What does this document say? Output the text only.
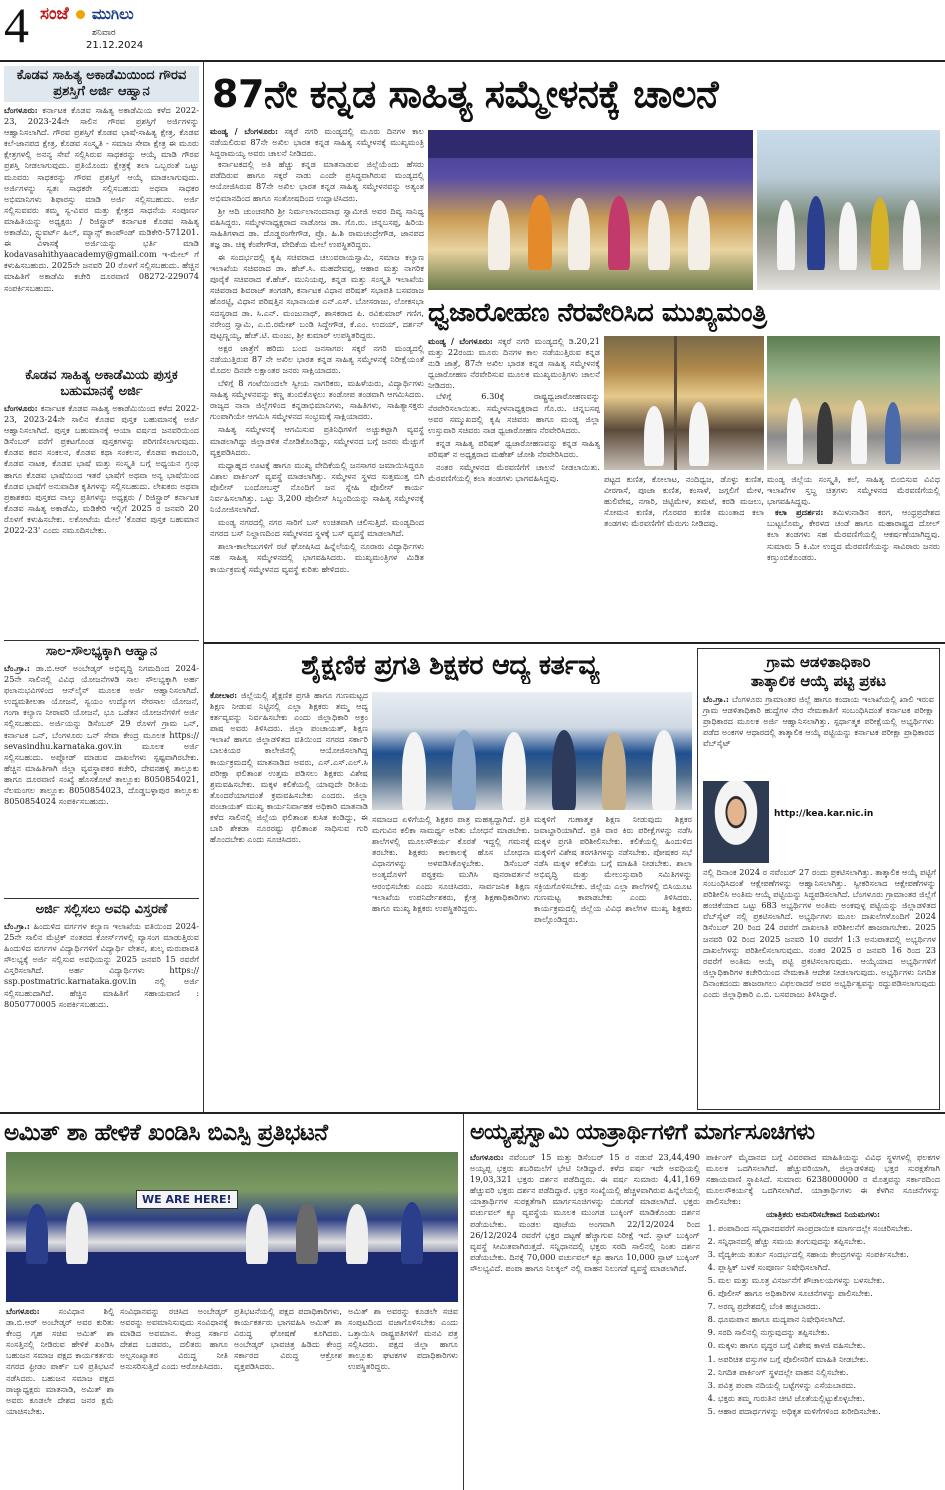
4 ಸಂಜೆ ಮುಗಿಲು
ಶನಿವಾರ
21.12.2024
ಕೊಡವ ಸಾಹಿತ್ಯ ಅಕಾಡೆಮಿಯಿಂದ ಗೌರವ ಪ್ರಶಸ್ತಿಗೆ ಅರ್ಜಿ ಆಹ್ವಾನ
ಬೆಂಗಳೂರು: ಕರ್ನಾಟಕ ಕೊಡವ ಸಾಹಿತ್ಯ ಅಕಾಡೆಮಿಯ ಕಳೆದ 2022-23, 2023-24ನೇ ಸಾಲಿನ ಗೌರವ ಪ್ರಶಸ್ತಿಗೆ ಅರ್ಜಿಗಳನ್ನು ಆಹ್ವಾನಿಸಲಾಗಿದೆ. ಗೌರವ ಪ್ರಶಸ್ತಿಗೆ ಕೊಡವ ಭಾಷೆ-ಸಾಹಿತ್ಯ ಕ್ಷೇತ್ರ, ಕೊಡವ ಕಲೆ-ಜಾನಪದ ಕ್ಷೇತ್ರ, ಕೊಡವ ಸಂಸ್ಕೃತಿ - ಸಮಾಜ ಸೇವಾ ಕ್ಷೇತ್ರ ಈ ಮೂರು ಕ್ಷೇತ್ರಗಳಲ್ಲಿ ಅನನ್ಯ ಸೇವೆ ಸಲ್ಲಿಸಿರುವ ಸಾಧಕರನ್ನು ಆಯ್ಕೆ ಮಾಡಿ ಗೌರವ ಪ್ರಶಸ್ತಿ ನೀಡಲಾಗುವುದು. ಪ್ರತಿಯೊಂದು ಕ್ಷೇತ್ರಕ್ಕೆ ತಲಾ ಒಬ್ಬರಂತೆ ಒಟ್ಟು ಮೂವರು ಸಾಧಕರನ್ನು ಗೌರವ ಪ್ರಶಸ್ತಿಗೆ ಆಯ್ಕೆ ಮಾಡಲಾಗುವುದು. ಅರ್ಜಿಗಳನ್ನು ಸ್ವತಃ ಸಾಧಕರೇ ಸಲ್ಲಿಸಬಹುದು ಅಥವಾ ಸಾಧಕರ ಅಭಿಮಾನಿಗಳು ಶಿಫಾರಸ್ಸು ಮಾಡಿ ಅರ್ಜಿ ಸಲ್ಲಿಸಬಹುದು. ಅರ್ಜಿ ಸಲ್ಲಿಸುವವರು ತಮ್ಮ ಸ್ವ-ವಿವರ ಮತ್ತು ಕ್ಷೇತ್ರದ ಸಾಧನೆಯ ಸಂಪೂರ್ಣ ಮಾಹಿತಿಯನ್ನು ಅಧ್ಯಕ್ಷರು / ರಿಜಿಸ್ಟ್ರಾರ್ ಕರ್ನಾಟಕ ಕೊಡವ ಸಾಹಿತ್ಯ ಅಕಾಡೆಮಿ, ಸ್ಟ್ಯುವರ್ಟ್ ಹಿಲ್, ಮ್ಯಾನ್ಸ್ ಕಾಂಪೌಂಡ್ ಮಡಿಕೇರಿ-571201. ಈ ವಿಳಾಸಕ್ಕೆ ಅರ್ಜಿಯನ್ನು ಭರ್ತಿ ಮಾಡಿ kodavasahithyaacademy@gmail.com ಇ-ಮೇಲ್ ಗೆ ಕಳುಹಿಸಬಹುದು. 2025ನೇ ಜನವರಿ 20 ರೊಳಗೆ ಸಲ್ಲಿಸಬಹುದು. ಹೆಚ್ಚಿನ ಮಾಹಿತಿಗೆ ಅಕಾಡೆಮಿ ಕಚೇರಿ ದೂರವಾಣಿ 08272-229074 ಸಂಪರ್ಕಿಸಬಹುದು.
ಕೊಡವ ಸಾಹಿತ್ಯ ಅಕಾಡೆಮಿಯ ಪುಸ್ತಕ ಬಹುಮಾನಕ್ಕೆ ಅರ್ಜಿ
ಬೆಂಗಳೂರು: ಕರ್ನಾಟಕ ಕೊಡವ ಸಾಹಿತ್ಯ ಅಕಾಡೆಮಿಯಿಂದ ಕಳೆದ 2022-23, 2023-24ನೇ ಸಾಲಿನ ಕೊಡವ ಪುಸ್ತಕ ಬಹುಮಾನಕ್ಕೆ ಅರ್ಜಿ ಆಹ್ವಾನಿಸಲಾಗಿದೆ. ಪುಸ್ತಕ ಬಹುಮಾನಕ್ಕೆ ಆಯಾ ವರ್ಷದ ಜನವರಿಯಿಂದ ಡಿಸೆಂಬರ್ ವರೆಗೆ ಪ್ರಕಟಗೊಂಡ ಪುಸ್ತಕಗಳನ್ನು ಪರಿಗಣಿಸಲಾಗುವುದು. ಕೊಡವ ಕವನ ಸಂಕಲನ, ಕೊಡವ ಕಥಾ ಸಂಕಲನ, ಕೊಡವ ಕಾದಂಬರಿ, ಕೊಡವ ನಾಟಕ, ಕೊಡವ ಭಾಷೆ ಮತ್ತು ಸಂಸ್ಕೃತಿ ಬಗ್ಗೆ ಅಧ್ಯಯನ ಗ್ರಂಥ ಹಾಗೂ ಕೊಡವ ಭಾಷೆಯಿಂದ ಇತರೆ ಭಾಷೆಗೆ ಅಥವಾ ಅನ್ಯ ಭಾಷೆಯಿಂದ ಕೊಡವ ಭಾಷೆಗೆ ಅನುವಾದಿತ ಕೃತಿಗಳನ್ನು ಸಲ್ಲಿಸಬಹುದು. ಲೇಖಕರು ಅಥವಾ ಪ್ರಕಾಶಕರು ಪುಸ್ತಕದ ನಾಲ್ಕು ಪ್ರತಿಗಳನ್ನು ಅಧ್ಯಕ್ಷರು / ರಿಜಿಸ್ಟ್ರಾರ್ ಕರ್ನಾಟಕ ಕೊಡವ ಸಾಹಿತ್ಯ ಅಕಾಡೆಮಿ, ಮಡಿಕೇರಿ ಇಲ್ಲಿಗೆ 2025 ರ ಜನವರಿ 20 ರೊಳಗೆ ಕಳುಹಿಸಬೇಕು. ಲಕೋಟೆಯ ಮೇಲೆ 'ಕೊಡವ ಪುಸ್ತಕ ಬಹುಮಾನ 2022-23' ಎಂದು ನಮೂದಿಸಬೇಕು.
ಸಾಲ-ಸೌಲಭ್ಯಕ್ಕಾಗಿ ಆಹ್ವಾನ
ಬೆಂ.ಗ್ರಾ.: ಡಾ.ಬಿ.ಆರ್ ಅಂಬೇಡ್ಕರ್ ಅಭಿವೃದ್ಧಿ ನಿಗಮದಿಂದ 2024-25ನೇ ಸಾಲಿನಲ್ಲಿ ವಿವಿಧ ಯೋಜನೆಗಳಡಿ ಸಾಲ ಸೌಲಭ್ಯಕ್ಕಾಗಿ ಅರ್ಹ ಫಲಾನುಭವಿಗಳಿಂದ ಆನ್‌ಲೈನ್ ಮೂಲಕ ಅರ್ಜಿ ಆಹ್ವಾನಿಸಲಾಗಿದೆ. ಉದ್ಯಮಶೀಲತಾ ಯೋಜನೆ, ಸ್ವಯಂ ಉದ್ಯೋಗ ನೇರಸಾಲ ಯೋಜನೆ, ಗಂಗಾ ಕಲ್ಯಾಣ ನೀರಾವರಿ ಯೋಜನೆ, ಭೂ ಒಡೆತನ ಯೋಜನೆಗಳಿಗೆ ಅರ್ಜಿ ಸಲ್ಲಿಸಬಹುದು. ಅರ್ಜಿಯನ್ನು ಡಿಸೆಂಬರ್ 29 ರೊಳಗೆ ಗ್ರಾಮ ಒನ್, ಕರ್ನಾಟಕ ಒನ್, ಬೆಂಗಳೂರು ಒನ್ ಸೇವಾ ಕೇಂದ್ರ ಮೂಲಕ https:// sevasindhu.karnataka.gov.in ಮೂಲಕ ಅರ್ಜಿ ಸಲ್ಲಿಸಬಹುದು. ಅಪ್ಲೋಡ್ ಮಾಡುವ ದಾಖಲೆಗಳು ಸ್ಪಷ್ಟವಾಗಿರಬೇಕು. ಹೆಚ್ಚಿನ ಮಾಹಿತಿಗಾಗಿ ಜಿಲ್ಲಾ ವ್ಯವಸ್ಥಾಪಕರ ಕಚೇರಿ, ದೇವನಹಳ್ಳಿ ತಾಲ್ಲೂಕು ಹಾಗೂ ದೂರವಾಣಿ ಸಂಖ್ಯೆ ಹೊಸಕೋಟೆ ತಾಲ್ಲೂಕು 8050854021, ನೆಲಮಂಗಲ ತಾಲ್ಲೂಕು 8050854023, ದೊಡ್ಡಬಳ್ಳಾಪುರ ತಾಲ್ಲೂಕು 8050854024 ಸಂಪರ್ಕಿಸಬಹುದು.
ಅರ್ಜಿ ಸಲ್ಲಿಸಲು ಅವಧಿ ವಿಸ್ತರಣೆ
ಬೆಂ.ಗ್ರಾ.: ಹಿಂದುಳಿದ ವರ್ಗಗಳ ಕಲ್ಯಾಣ ಇಲಾಖೆಯ ವತಿಯಿಂದ 2024-25ನೇ ಸಾಲಿನ ಮೆಟ್ರಿಕ್ ನಂತರದ ಕೋರ್ಸ್‌ಗಳಲ್ಲಿ ವ್ಯಾಸಂಗ ಮಾಡುತ್ತಿರುವ ಹಿಂದುಳಿದ ವರ್ಗಗಳ ವಿದ್ಯಾರ್ಥಿಗಳಿಗೆ ವಿದ್ಯಾರ್ಥಿ ವೇತನ, ಶುಲ್ಕ ಮರುಪಾವತಿ ಸೌಲಭ್ಯಕ್ಕೆ ಅರ್ಜಿ ಸಲ್ಲಿಸುವ ಅವಧಿಯನ್ನು 2025 ಜನವರಿ 15 ರವರೆಗೆ ವಿಸ್ತರಿಸಲಾಗಿದೆ. ಅರ್ಹ ವಿದ್ಯಾರ್ಥಿಗಳು https:// ssp.postmatric.karnataka.gov.in ನಲ್ಲಿ ಅರ್ಜಿ ಸಲ್ಲಿಸಬಹುದಾಗಿದೆ. ಹೆಚ್ಚಿನ ಮಾಹಿತಿಗೆ ಸಹಾಯವಾಣಿ : 8050770005 ಸಂಪರ್ಕಿಸಬಹುದು.
87ನೇ ಕನ್ನಡ ಸಾಹಿತ್ಯ ಸಮ್ಮೇಳನಕ್ಕೆ ಚಾಲನೆ
ಮಂಡ್ಯ / ಬೆಂಗಳೂರು: ಸಕ್ಕರೆ ನಗರಿ ಮಂಡ್ಯದಲ್ಲಿ ಮೂರು ದಿನಗಳ ಕಾಲ ನಡೆಯಲಿರುವ 87ನೇ ಅಖಿಲ ಭಾರತ ಕನ್ನಡ ಸಾಹಿತ್ಯ ಸಮ್ಮೇಳನಕ್ಕೆ ಮುಖ್ಯಮಂತ್ರಿ ಸಿದ್ದರಾಮಯ್ಯ ಅವರು ಚಾಲನೆ ನೀಡಿದರು.

ಕರ್ನಾಟಕದಲ್ಲಿ ಅತಿ ಹೆಚ್ಚು ಕನ್ನಡ ಮಾತನಾಡುವ ಜಿಲ್ಲೆಯೆಂದು ಹೆಸರು ಪಡೆದಿರುವ ಹಾಗೂ ಸಕ್ಕರೆ ನಾಡು ಎಂದೇ ಪ್ರಸಿದ್ಧವಾಗಿರುವ ಮಂಡ್ಯದಲ್ಲಿ ಆಯೋಜಿಸಿರುವ 87ನೇ ಅಖಿಲ ಭಾರತ ಕನ್ನಡ ಸಾಹಿತ್ಯ ಸಮ್ಮೇಳನವನ್ನು ಅತ್ಯಂತ ಅಭಿಮಾನದಿಂದ ಹಾಗೂ ಸಂತೋಷದಿಂದ ಉದ್ಘಾಟಿಸಿದರು.

ಶ್ರೀ ಆದಿ ಚುಂಚನಗಿರಿ ಶ್ರೀ ನಿರ್ಮಲಾನಂದನಾಥ ಸ್ವಾಮೀಜಿ ಅವರ ದಿವ್ಯ ಸಾನಿಧ್ಯ ವಹಿಸಿದ್ದರು. ಸಮ್ಮೇಳನಾಧ್ಯಕ್ಷರಾದ ನಾಡೋಜ ಡಾ. ಗೊ.ರು. ಚನ್ನಬಸಪ್ಪ, ಹಿರಿಯ ಸಾಹಿತಿಗಳಾದ ಡಾ. ದೊಡ್ಡರಂಗೇಗೌಡ, ಪ್ರೊ. ಹಿ.ಶಿ ರಾಮಚಂದ್ರೇಗೌಡ, ಜಾನಪದ ತಜ್ಞ ಡಾ. ಚಿಕ್ಕ ಕೆಂಪೇಗೌಡ, ವೇದಿಕೆಯ ಮೇಲೆ ಉಪಸ್ಥಿತರಿದ್ದರು.

ಈ ಸಂದರ್ಭದಲ್ಲಿ ಕೃಷಿ ಸಚಿವರಾದ ಚಲುವರಾಯಸ್ವಾಮಿ, ಸಮಾಜ ಕಲ್ಯಾಣ ಇಲಾಖೆಯ ಸಚಿವರಾದ ಡಾ. ಹೆಚ್.ಸಿ. ಮಹದೇವಪ್ಪ, ಆಹಾರ ಮತ್ತು ನಾಗರಿಕ ಪೂರೈಕೆ ಸಚಿವರಾದ ಕೆ.ಹೆಚ್. ಮುನಿಯಪ್ಪ, ಕನ್ನಡ ಮತ್ತು ಸಂಸ್ಕೃತಿ ಇಲಾಖೆಯ ಸಚಿವರಾದ ಶಿವರಾಜ್ ತಂಗಡಗಿ, ಕರ್ನಾಟಕ ವಿಧಾನ ಪರಿಷತ್ ಸಭಾಪತಿ ಬಸವರಾಜ ಹೊರಟ್ಟಿ, ವಿಧಾನ ಪರಿಷತ್ತಿನ ಸಭಾನಾಯಕ ಎನ್.ಎಸ್. ಬೋಸರಾಜು, ಲೋಕಸಭಾ ಸದಸ್ಯರಾದ ಡಾ. ಸಿ.ಎನ್. ಮಂಜುನಾಥ್, ಶಾಸಕರಾದ ಪಿ. ರವಿಕುಮಾರ್ ಗಣಿಗ, ನರೇಂದ್ರ ಸ್ವಾಮಿ, ಎ.ಬಿ.ರಮೇಶ್ ಬಂಡಿ ಸಿದ್ದೇಗೌಡ, ಕೆ.ಎಂ. ಉದಯ್, ದರ್ಶನ್ ಪುಟ್ಟಣ್ಣಯ್ಯ, ಹೆಚ್.ಟಿ. ಮಂಜು, ಶ್ರೀ ಕುಮಾರ್ ಉಪಸ್ಥಿತರಿದ್ದರು.

ಅಕ್ಷರ ಜಾತ್ರೆಗೆ ಹರಿದು ಬಂದ ಜನಸಾಗರ: ಸಕ್ಕರೆ ನಗರಿ ಮಂಡ್ಯದಲ್ಲಿ ನಡೆಯುತ್ತಿರುವ 87 ನೇ ಅಖಿಲ ಭಾರತ ಕನ್ನಡ ಸಾಹಿತ್ಯ ಸಮ್ಮೇಳನಕ್ಕೆ ನಿರೀಕ್ಷೆಯಂತೆ ಮೊದಲ ದಿನವೇ ಲಕ್ಷಾಂತರ ಜನರು ಸಾಕ್ಷಿಯಾದರು.

ಬೆಳಿಗ್ಗೆ 8 ಗಂಟೆಯಿಂದಲೇ ಸ್ವೀಯ ನಾಗರಿಕರು, ಮಹಿಳೆಯರು, ವಿದ್ಯಾರ್ಥಿಗಳು ಸಾಹಿತ್ಯ ಸಮ್ಮೇಳನವನ್ನು ಕಣ್ಣ ತುಂಬಿಕೊಳ್ಳಲು ತಂಡೋಪ ತಂಡವಾಗಿ ಆಗಮಿಸಿದರು. ರಾಜ್ಯದ ನಾನಾ ಜಿಲ್ಲೆಗಳಿಂದ ಕನ್ನಡಾಭಿಮಾನಿಗಳು, ಸಾಹಿತಿಗಳು, ಸಾಹಿತ್ಯಾಸಕ್ತರು ಗುಂಪಾಗಿಯೇ ಆಗಮಿಸಿ ಸಮ್ಮೇಳನದ ಸಂಭ್ರಮಕ್ಕೆ ಸಾಕ್ಷಿಯಾದರು.

ಸಾಹಿತ್ಯ ಸಮ್ಮೇಳನಕ್ಕೆ ಆಗಮಿಸುವ ಪ್ರತಿನಿಧಿಗಳಿಗೆ ಅಚ್ಚುಕಟ್ಟಾಗಿ ವ್ಯವಸ್ಥೆ ಮಾಡಲಾಗಿದ್ದು ಜಿಲ್ಲಾಡಳಿತ ನೋಡಿಕೊಂಡಿದ್ದು, ಸಮ್ಮೇಳನದ ಬಗ್ಗೆ ಜನರು ಮೆಚ್ಚುಗೆ ವ್ಯಕ್ತಪಡಿಸಿದರು.

ಮಧ್ಯಾಹ್ನದ ಊಟಕ್ಕೆ ಹಾಗೂ ಮುಖ್ಯ ವೇದಿಕೆಯಲ್ಲಿ ಜನಸಾಗರ ಜಮಾಯಿಸಿದ್ದರೂ ವಿಶಾಲ ಪಾರ್ಕಿಂಗ್ ವ್ಯವಸ್ಥೆ ಮಾಡಲಾಗಿತ್ತು. ಸಮ್ಮೇಳನ ಸ್ಥಳದ ಸುತ್ತಮುತ್ತ ಬಿಗಿ ಪೊಲೀಸ್ ಬಂದೋಬಸ್ತ್ ನೊಂದಿಗೆ ಜನ ಸ್ನೇಹಿ ಪೊಲೀಸ್ ಕಾರ್ಯ ನಿರ್ವಹಿಸಲಾಗಿತ್ತು. ಒಟ್ಟು 3,200 ಪೊಲೀಸ್ ಸಿಬ್ಬಂದಿಯನ್ನು ಸಾಹಿತ್ಯ ಸಮ್ಮೇಳನಕ್ಕೆ ನಿಯೋಜಿಸಲಾಗಿದೆ.

ಮಂಡ್ಯ ನಗರದಲ್ಲಿ ನಗರ ಸಾರಿಗೆ ಬಸ್ ಉಚಿತವಾಗಿ ಚಲಿಸುತ್ತಿದೆ. ಮಂಡ್ಯದಿಂದ ನಗರದ ಬಸ್ ನಿಲ್ದಾಣದಿಂದ ಸಮ್ಮೇಳನದ ಸ್ಥಳಕ್ಕೆ ಬಸ್ ವ್ಯವಸ್ಥೆ ಮಾಡಲಾಗಿದೆ.

ಶಾಲಾ-ಕಾಲೇಜುಗಳಿಗೆ ರಜೆ ಘೋಷಿಸಿದ ಹಿನ್ನೆಲೆಯಲ್ಲಿ ನೂರಾರು ವಿದ್ಯಾರ್ಥಿಗಳು ಸಹ ಸಾಹಿತ್ಯ ಸಮ್ಮೇಳನದಲ್ಲಿ ಭಾಗವಹಿಸಿದರು. ಮುಖ್ಯಮಂತ್ರಿಗಳ ಮಿಡಿತ ಕಾರ್ಯಕ್ರಮಕ್ಕೆ ಸಮ್ಮೇಳನದ ವ್ಯವಸ್ಥೆ ಕುರಿತು ಹೇಳಿದರು.

ಧ್ವಜಾರೋಹಣ ನೆರವೇರಿಸಿದ ಮುಖ್ಯಮಂತ್ರಿ
ಮಂಡ್ಯ / ಬೆಂಗಳೂರು: ಸಕ್ಕರೆ ನಗರಿ ಮಂಡ್ಯದಲ್ಲಿ ಡಿ.20,21 ಮತ್ತು 22ರಂದು ಮೂರು ದಿನಗಳ ಕಾಲ ನಡೆಯುತ್ತಿರುವ ಕನ್ನಡ ನುಡಿ ಜಾತ್ರೆ, 87ನೇ ಅಖಿಲ ಭಾರತ ಕನ್ನಡ ಸಾಹಿತ್ಯ ಸಮ್ಮೇಳನಕ್ಕೆ ಧ್ವಜಾರೋಹಣ ನೆರವೇರಿಸುವ ಮೂಲಕ ಮುಖ್ಯಮಂತ್ರಿಗಳು ಚಾಲನೆ ನೀಡಿದರು.

ಬೆಳಿಗ್ಗೆ 6.30ಕ್ಕೆ ರಾಷ್ಟ್ರಧ್ವಜಾರೋಹಣವನ್ನು ನೆರವೇರಿಸಲಾಯಿತು. ಸಮ್ಮೇಳನಾಧ್ಯಕ್ಷರಾದ ಗೊ.ರು. ಚನ್ನಬಸಪ್ಪ ಅವರ ಸಮ್ಮುಖದಲ್ಲಿ ಕೃಷಿ ಸಚಿವರು ಹಾಗೂ ಮಂಡ್ಯ ಜಿಲ್ಲಾ ಉಸ್ತುವಾರಿ ಸಚಿವರು ನಾಡ ಧ್ವಜಾರೋಹಣ ನೆರವೇರಿಸಿದರು.

ಕನ್ನಡ ಸಾಹಿತ್ಯ ಪರಿಷತ್ ಧ್ವಜಾರೋಹಣವನ್ನು ಕನ್ನಡ ಸಾಹಿತ್ಯ ಪರಿಷತ್ ನ ಅಧ್ಯಕ್ಷರಾದ ಮಹೇಶ್ ಜೋಶಿ ನೆರವೇರಿಸಿದರು.

ನಂತರ ಸಮ್ಮೇಳನದ ಮೆರವಣಿಗೆಗೆ ಚಾಲನೆ ನೀಡಲಾಯಿತು. ಮೆರವಣಿಗೆಯಲ್ಲಿ ಕಲಾ ತಂಡಗಳು ಭಾಗವಹಿಸಿದ್ದವು.	ಪಟ್ಟದ ಕುಣಿತ, ಕೋಲಾಟ, ನಂದಿಧ್ವಜ, ಡೊಳ್ಳು ಕುಣಿತ, ವೀರಗಾಸೆ, ಪೂಜಾ ಕುಣಿತ, ಕಂಸಾಳೆ, ಜಗ್ಗಲಿಗೆ ಮೇಳ, ಹುಲಿವೇಷ, ನಗಾರಿ, ಚಿಟ್ಟಿಮೇಳ, ತಮಟೆ, ಕರಡಿ ಮಜಲು, ಸೋಮನ ಕುಣಿತ, ಗೊರವರ ಕುಣಿತ ಮುಂತಾದ ಕಲಾ ತಂಡಗಳು ಮೆರವಣಿಗೆಗೆ ಮೆರುಗು ನೀಡಿದವು.
ಮಂಡ್ಯ ಜಿಲ್ಲೆಯ ಸಂಸ್ಕೃತಿ, ಕಲೆ, ಸಾಹಿತ್ಯ ಬಿಂಬಿಸುವ ವಿವಿಧ ಇಲಾಖೆಗಳ ಸ್ತಬ್ಧ ಚಿತ್ರಗಳು ಸಮ್ಮೇಳನದ ಮೆರವಣಿಗೆಯಲ್ಲಿ ಭಾಗವಹಿಸಿದ್ದವು.

ಕಲಾ ಪ್ರದರ್ಶನ: ತಮಿಳುನಾಡಿನ ಕರಗ, ಆಂಧ್ರಪ್ರದೇಶದ ಬುಟ್ಟಬೊಮ್ಮ, ಕೇರಳದ ಚಂಡೆ ಹಾಗೂ ಮಹಾರಾಷ್ಟ್ರದ ದೋಲ್ ಕಲಾ ತಂಡಗಳು ಸಹ ಮೆರವಣಿಗೆಯಲ್ಲಿ ಆಕರ್ಷಣೆಯಾಗಿದ್ದವು. ಸುಮಾರು 5 ಕಿ.ಮೀ ಉದ್ದದ ಮೆರವಣಿಗೆಯನ್ನು ಸಾವಿರಾರು ಜನರು ಕಣ್ತುಂಬಿಕೊಂಡರು.

ಶೈಕ್ಷಣಿಕ ಪ್ರಗತಿ ಶಿಕ್ಷಕರ ಆದ್ಯ ಕರ್ತವ್ಯ
ಕೋಲಾರ: ಜಿಲ್ಲೆಯಲ್ಲಿ ಶೈಕ್ಷಣಿಕ ಪ್ರಗತಿ ಹಾಗೂ ಗುಣಮಟ್ಟದ ಶಿಕ್ಷಣ ನೀಡುವ ನಿಟ್ಟಿನಲ್ಲಿ ಎಲ್ಲಾ ಶಿಕ್ಷಕರು ತಮ್ಮ ಆದ್ಯ ಕರ್ತವ್ಯವನ್ನು ನಿರ್ವಹಿಸಬೇಕು ಎಂದು ಜಿಲ್ಲಾಧಿಕಾರಿ ಅಕ್ರಂ ಪಾಷ ಅವರು ತಿಳಿಸಿದರು. ಜಿಲ್ಲಾ ಪಂಚಾಯತ್, ಶಿಕ್ಷಣ ಇಲಾಖೆ ಹಾಗೂ ಜಿಲ್ಲಾಡಳಿತದ ವತಿಯಿಂದ ನಗರದ ಸರ್ಕಾರಿ ಬಾಲಕಿಯರ ಕಾಲೇಜಿನಲ್ಲಿ ಆಯೋಜಿಸಲಾಗಿದ್ದ ಕಾರ್ಯಕ್ರಮದಲ್ಲಿ ಮಾತನಾಡಿದ ಅವರು, ಎಸ್.ಎಸ್.ಎಲ್.ಸಿ ಪರೀಕ್ಷಾ ಫಲಿತಾಂಶ ಉತ್ತಮ ಪಡಿಸಲು ಶಿಕ್ಷಕರು ವಿಶೇಷ ಶ್ರಮವಹಿಸಬೇಕು. ಮಕ್ಕಳ ಕಲಿಕೆಯಲ್ಲಿ ಯಾವುದೇ ರೀತಿಯ ತೊಂದರೆಯಾಗದಂತೆ ಕ್ರಮವಹಿಸಬೇಕು ಎಂದರು. ಜಿಲ್ಲಾ ಪಂಚಾಯತ್ ಮುಖ್ಯ ಕಾರ್ಯನಿರ್ವಾಹಕ ಅಧಿಕಾರಿ ಮಾತನಾಡಿ ಕಳೆದ ಸಾಲಿನಲ್ಲಿ ಜಿಲ್ಲೆಯ ಫಲಿತಾಂಶ ಕುಸಿತ ಕಂಡಿದ್ದು, ಈ ಬಾರಿ ಶೇಕಡಾ ನೂರರಷ್ಟು ಫಲಿತಾಂಶ ಸಾಧಿಸುವ ಗುರಿ ಹೊಂದಬೇಕು ಎಂದು ಸೂಚಿಸಿದರು.
ಸಮಾಜದ ಏಳಿಗೆಯಲ್ಲಿ ಶಿಕ್ಷಕರ ಪಾತ್ರ ಮಹತ್ವದ್ದಾಗಿದೆ. ಪ್ರತಿ ಮಗುವಿನ ಕಲಿಕಾ ಸಾಮರ್ಥ್ಯ ಅರಿತು ಬೋಧನೆ ಮಾಡಬೇಕು. ಶಾಲೆಗಳಲ್ಲಿ ಮೂಲಸೌಕರ್ಯ ಕೊರತೆ ಇದ್ದಲ್ಲಿ ಗಮನಕ್ಕೆ ತರಬೇಕು. ಶಿಕ್ಷಕರು ಕಾಲಕಾಲಕ್ಕೆ ಹೊಸ ಬೋಧನಾ ವಿಧಾನಗಳನ್ನು ಅಳವಡಿಸಿಕೊಳ್ಳಬೇಕು. ಡಿಸೆಂಬರ್ ಅಂತ್ಯದೊಳಗೆ ಪಠ್ಯಕ್ರಮ ಮುಗಿಸಿ ಪುನರಾವರ್ತನೆ ಆರಂಭಿಸಬೇಕು ಎಂದು ಸೂಚಿಸಿದರು. ಸಾರ್ವಜನಿಕ ಶಿಕ್ಷಣ ಇಲಾಖೆಯ ಉಪನಿರ್ದೇಶಕರು, ಕ್ಷೇತ್ರ ಶಿಕ್ಷಣಾಧಿಕಾರಿಗಳು ಹಾಗೂ ಮುಖ್ಯ ಶಿಕ್ಷಕರು ಉಪಸ್ಥಿತರಿದ್ದರು.
ಮಕ್ಕಳಿಗೆ ಗುಣಾತ್ಮಕ ಶಿಕ್ಷಣ ನೀಡುವುದು ಶಿಕ್ಷಕರ ಜವಾಬ್ದಾರಿಯಾಗಿದೆ. ಪ್ರತಿ ವಾರ ಕಿರು ಪರೀಕ್ಷೆಗಳನ್ನು ನಡೆಸಿ ಮಕ್ಕಳ ಪ್ರಗತಿ ಪರಿಶೀಲಿಸಬೇಕು. ಕಲಿಕೆಯಲ್ಲಿ ಹಿಂದುಳಿದ ಮಕ್ಕಳಿಗೆ ವಿಶೇಷ ತರಗತಿಗಳನ್ನು ನಡೆಸಬೇಕು. ಪೋಷಕರ ಸಭೆ ನಡೆಸಿ ಮಕ್ಕಳ ಕಲಿಕೆಯ ಬಗ್ಗೆ ಮಾಹಿತಿ ನೀಡಬೇಕು. ಶಾಲಾ ಅಭಿವೃದ್ಧಿ ಮತ್ತು ಮೇಲುಸ್ತುವಾರಿ ಸಮಿತಿಗಳನ್ನು ಸಕ್ರಿಯಗೊಳಿಸಬೇಕು. ಜಿಲ್ಲೆಯ ಎಲ್ಲಾ ಶಾಲೆಗಳಲ್ಲಿ ಬಿಸಿಯೂಟ ಗುಣಮಟ್ಟ ಕಾಪಾಡಬೇಕು ಎಂದು ತಿಳಿಸಿದರು. ಕಾರ್ಯಕ್ರಮದಲ್ಲಿ ಜಿಲ್ಲೆಯ ವಿವಿಧ ಶಾಲೆಗಳ ಮುಖ್ಯ ಶಿಕ್ಷಕರು ಪಾಲ್ಗೊಂಡಿದ್ದರು.
ಗ್ರಾಮ ಆಡಳಿತಾಧಿಕಾರಿ
ತಾತ್ಕಾಲಿಕ ಆಯ್ಕೆ ಪಟ್ಟಿ ಪ್ರಕಟ
ಬೆಂ.ಗ್ರಾ.: ಬೆಂಗಳೂರು ಗ್ರಾಮಾಂತರ ಜಿಲ್ಲೆ ಹಾಗೂ ಕಂದಾಯ ಇಲಾಖೆಯಲ್ಲಿ ಖಾಲಿ ಇರುವ ಗ್ರಾಮ ಆಡಳಿತಾಧಿಕಾರಿ ಹುದ್ದೆಗಳ ನೇರ ನೇಮಕಾತಿಗೆ ಸಂಬಂಧಿಸಿದಂತೆ ಕರ್ನಾಟಕ ಪರೀಕ್ಷಾ ಪ್ರಾಧಿಕಾರದ ಮೂಲಕ ಅರ್ಜಿ ಆಹ್ವಾನಿಸಲಾಗಿತ್ತು. ಸ್ಪರ್ಧಾತ್ಮಕ ಪರೀಕ್ಷೆಯಲ್ಲಿ ಅಭ್ಯರ್ಥಿಗಳು ಪಡೆದ ಅಂಕಗಳ ಆಧಾರದಲ್ಲಿ ತಾತ್ಕಾಲಿಕ ಆಯ್ಕೆ ಪಟ್ಟಿಯನ್ನು ಕರ್ನಾಟಕ ಪರೀಕ್ಷಾ ಪ್ರಾಧಿಕಾರದ ವೆಬ್‌ಸೈಟ್
http://kea.kar.nic.in
ನಲ್ಲಿ ದಿನಾಂಕ 2024 ರ ನವೆಂಬರ್ 27 ರಂದು ಪ್ರಕಟಿಸಲಾಗಿತ್ತು. ತಾತ್ಕಾಲಿಕ ಆಯ್ಕೆ ಪಟ್ಟಿಗೆ ಸಂಬಂಧಿಸಿದಂತೆ ಆಕ್ಷೇಪಣೆಗಳನ್ನು ಆಹ್ವಾನಿಸಲಾಗಿತ್ತು. ಸ್ವೀಕರಿಸಲಾದ ಆಕ್ಷೇಪಣೆಗಳನ್ನು ಪರಿಶೀಲಿಸಿ ಅಂತಿಮ ಆಯ್ಕೆ ಪಟ್ಟಿಯನ್ನು ಸಿದ್ಧಪಡಿಸಲಾಗಿದೆ. ಬೆಂಗಳೂರು ಗ್ರಾಮಾಂತರ ಜಿಲ್ಲೆಗೆ ಹಂಚಿಕೆಯಾದ ಒಟ್ಟು 683 ಅಭ್ಯರ್ಥಿಗಳ ಅಂತಿಮ ಅಂಕವುಳ್ಳ ಪಟ್ಟಿಯನ್ನು ಜಿಲ್ಲಾಡಳಿತದ ವೆಬ್‌ಸೈಟ್ ನಲ್ಲಿ ಪ್ರಕಟಿಸಲಾಗಿದೆ. ಅಭ್ಯರ್ಥಿಗಳು ಮೂಲ ದಾಖಲೆಗಳೊಂದಿಗೆ 2024 ಡಿಸೆಂಬರ್ 20 ರಿಂದ 24 ರವರೆಗೆ ದಾಖಲಾತಿ ಪರಿಶೀಲನೆಗೆ ಹಾಜರಾಗಬೇಕು. 2025 ಜನವರಿ 02 ರಿಂದ 2025 ಜನವರಿ 10 ರವರೆಗೆ 1:3 ಅನುಪಾತದಲ್ಲಿ ಅಭ್ಯರ್ಥಿಗಳ ದಾಖಲೆಗಳನ್ನು ಪರಿಶೀಲಿಸಲಾಗುವುದು. ನಂತರ 2025 ರ ಜನವರಿ 16 ರಿಂದ 23 ರವರೆಗೆ ಅಂತಿಮ ಆಯ್ಕೆ ಪಟ್ಟಿ ಪ್ರಕಟಿಸಲಾಗುವುದು. ಆಯ್ಕೆಯಾದ ಅಭ್ಯರ್ಥಿಗಳಿಗೆ ಜಿಲ್ಲಾಧಿಕಾರಿಗಳ ಕಚೇರಿಯಿಂದ ನೇಮಕಾತಿ ಆದೇಶ ನೀಡಲಾಗುವುದು. ಅಭ್ಯರ್ಥಿಗಳು ನಿಗದಿತ ದಿನಾಂಕದಂದು ಹಾಜರಾಗಲು ವಿಫಲರಾದರೆ ಅವರ ಅಭ್ಯರ್ಥಿತ್ವವನ್ನು ರದ್ದುಪಡಿಸಲಾಗುವುದು ಎಂದು ಜಿಲ್ಲಾಧಿಕಾರಿ ಎ.ಬಿ. ಬಸವರಾಜು ತಿಳಿಸಿದ್ದಾರೆ.
ಅಮಿತ್ ಶಾ ಹೇಳಿಕೆ ಖಂಡಿಸಿ ಬಿಎಸ್ಪಿ ಪ್ರತಿಭಟನೆ
WE ARE HERE!
ಬೆಂಗಳೂರು: ಸಂವಿಧಾನ ಶಿಲ್ಪಿ ಡಾ.ಬಿ.ಆರ್ ಅಂಬೇಡ್ಕರ್ ಅವರ ಕುರಿತು ಕೇಂದ್ರ ಗೃಹ ಸಚಿವ ಅಮಿತ್ ಶಾ ಸಂಸತ್ತಿನಲ್ಲಿ ನೀಡಿರುವ ಹೇಳಿಕೆ ಖಂಡಿಸಿ ಬಹುಜನ ಸಮಾಜ ಪಕ್ಷದ ಕಾರ್ಯಕರ್ತರು ನಗರದ ಫ್ರೀಡಂ ಪಾರ್ಕ್ ಬಳಿ ಪ್ರತಿಭಟನೆ ನಡೆಸಿದರು. ಬಹುಜನ ಸಮಾಜ ಪಕ್ಷದ ರಾಜ್ಯಾಧ್ಯಕ್ಷರು ಮಾತನಾಡಿ, ಅಮಿತ್ ಶಾ ಅವರು ಕೂಡಲೇ ದೇಶದ ಜನರ ಕ್ಷಮೆ ಯಾಚಿಸಬೇಕು.
ಸಂವಿಧಾನವನ್ನು ರಚಿಸಿದ ಅಂಬೇಡ್ಕರ್ ಅವರನ್ನು ಅವಮಾನಿಸುವುದು ಸಂವಿಧಾನಕ್ಕೆ ಮಾಡಿದ ಅವಮಾನ. ಕೇಂದ್ರ ಸರ್ಕಾರ ದೇಶದ ಬಡವರು, ದಲಿತರು ಹಾಗೂ ಅಲ್ಪಸಂಖ್ಯಾತರ ವಿರುದ್ಧ ನೀತಿ ಅನುಸರಿಸುತ್ತಿದೆ ಎಂದು ಆರೋಪಿಸಿದರು.
ಪ್ರತಿಭಟನೆಯಲ್ಲಿ ಪಕ್ಷದ ಪದಾಧಿಕಾರಿಗಳು, ಕಾರ್ಯಕರ್ತರು ಭಾಗವಹಿಸಿ ಅಮಿತ್ ಶಾ ವಿರುದ್ಧ ಘೋಷಣೆ ಕೂಗಿದರು. ಅಂಬೇಡ್ಕರ್ ಭಾವಚಿತ್ರ ಹಿಡಿದು ಕೇಂದ್ರ ಸರ್ಕಾರದ ವಿರುದ್ಧ ಆಕ್ರೋಶ ವ್ಯಕ್ತಪಡಿಸಿದರು.
ಅಮಿತ್ ಶಾ ಅವರನ್ನು ಕೂಡಲೇ ಸಚಿವ ಸಂಪುಟದಿಂದ ವಜಾಗೊಳಿಸಬೇಕು ಎಂದು ಒತ್ತಾಯಿಸಿ ರಾಷ್ಟ್ರಪತಿಗಳಿಗೆ ಮನವಿ ಪತ್ರ ಸಲ್ಲಿಸಿದರು. ಪಕ್ಷದ ಜಿಲ್ಲಾ ಹಾಗೂ ತಾಲ್ಲೂಕು ಘಟಕಗಳ ಪದಾಧಿಕಾರಿಗಳು ಉಪಸ್ಥಿತರಿದ್ದರು.
ಅಯ್ಯಪ್ಪಸ್ವಾಮಿ ಯಾತ್ರಾರ್ಥಿಗಳಿಗೆ ಮಾರ್ಗಸೂಚಿಗಳು
ಬೆಂಗಳೂರು: ನವೆಂಬರ್ 15 ಮತ್ತು ಡಿಸೆಂಬರ್ 15 ರ ನಡುವೆ 23,44,490 ಅಯ್ಯಪ್ಪ ಭಕ್ತರು ಶಬರಿಮಲೆಗೆ ಭೇಟಿ ನೀಡಿದ್ದಾರೆ. ಕಳೆದ ವರ್ಷ ಇದೇ ಅವಧಿಯಲ್ಲಿ 19,03,321 ಭಕ್ತರು ದರ್ಶನ ಪಡೆದಿದ್ದರು. ಈ ವರ್ಷ ಸುಮಾರು 4,41,169 ಹೆಚ್ಚುವರಿ ಭಕ್ತರು ದರ್ಶನ ಪಡೆದಿದ್ದಾರೆ. ಭಕ್ತರ ಸಂಖ್ಯೆಯಲ್ಲಿ ಹೆಚ್ಚಳವಾಗಿರುವ ಹಿನ್ನೆಲೆಯಲ್ಲಿ ಯಾತ್ರಾರ್ಥಿಗಳ ಸುರಕ್ಷತೆಗಾಗಿ ಮಾರ್ಗಸೂಚಿಗಳನ್ನು ಬಿಡುಗಡೆ ಮಾಡಲಾಗಿದೆ. ಭಕ್ತರು ವರ್ಚುವಲ್ ಕ್ಯೂ ವ್ಯವಸ್ಥೆಯ ಮೂಲಕ ಮುಂಗಡ ಬುಕ್ಕಿಂಗ್ ಮಾಡಿಕೊಂಡು ದರ್ಶನ ಪಡೆಯಬೇಕು. ಮಂಡಲ ಪೂಜೆಯ ಅಂಗವಾಗಿ 22/12/2024 ರಿಂದ 26/12/2024 ರವರೆಗೆ ಭಕ್ತರ ದಟ್ಟಣೆ ಹೆಚ್ಚಾಗುವ ನಿರೀಕ್ಷೆ ಇದೆ. ಸ್ಪಾಟ್ ಬುಕ್ಕಿಂಗ್ ವ್ಯವಸ್ಥೆ ಸೀಮಿತವಾಗಿರುತ್ತದೆ. ಸನ್ನಿಧಾನದಲ್ಲಿ ಭಕ್ತರು ಸರದಿ ಸಾಲಿನಲ್ಲಿ ನಿಂತು ದರ್ಶನ ಪಡೆಯಬೇಕು. ದಿನಕ್ಕೆ 70,000 ವರ್ಚುವಲ್ ಕ್ಯೂ ಹಾಗೂ 10,000 ಸ್ಪಾಟ್ ಬುಕ್ಕಿಂಗ್ ಸೌಲಭ್ಯವಿದೆ. ಪಂಪಾ ಹಾಗೂ ನಿಲಕ್ಕಲ್ ನಲ್ಲಿ ವಾಹನ ನಿಲುಗಡೆ ವ್ಯವಸ್ಥೆ ಮಾಡಲಾಗಿದೆ.
ಪಾರ್ಕಿಂಗ್ ಮೈದಾನದ ಬಗ್ಗೆ ವಿವರವಾದ ಮಾಹಿತಿಯನ್ನು ವಿವಿಧ ಸ್ಥಳಗಳಲ್ಲಿ ಫಲಕಗಳ ಮೂಲಕ ಒದಗಿಸಲಾಗಿದೆ. ಹೆಚ್ಚುವರಿಯಾಗಿ, ಜಿಲ್ಲಾಡಳಿತವು ಭಕ್ತರ ಸುರಕ್ಷತೆಗಾಗಿ ಸಹಾಯವಾಣಿ ಸ್ಥಾಪಿಸಿದೆ. ಸುಮಾರು 6238000000 ರ ಮೊತ್ತವನ್ನು ಸರ್ಕಾರದಿಂದ ಮೂಲಸೌಕರ್ಯಕ್ಕೆ ಒದಗಿಸಲಾಗಿದೆ. ಯಾತ್ರಾರ್ಥಿಗಳು ಈ ಕೆಳಗಿನ ಸೂಚನೆಗಳನ್ನು ಪಾಲಿಸಬೇಕು:
ಯಾತ್ರಿಕರು ಅನುಸರಿಸಬೇಕಾದ ನಿಯಮಗಳು:
1. ಪಂಪಾದಿಂದ ಸನ್ನಿಧಾನದವರೆಗೆ ಸಾಂಪ್ರದಾಯಿಕ ಮಾರ್ಗದಲ್ಲೇ ಸಂಚರಿಸಬೇಕು.
2. ಸನ್ನಿಧಾನದಲ್ಲಿ ಹೆಚ್ಚು ಸಮಯ ತಂಗುವುದನ್ನು ತಪ್ಪಿಸಬೇಕು.
3. ವೈದ್ಯಕೀಯ ತುರ್ತು ಸಂದರ್ಭದಲ್ಲಿ ಸಹಾಯ ಕೇಂದ್ರಗಳನ್ನು ಸಂಪರ್ಕಿಸಬೇಕು.
4. ಪ್ಲಾಸ್ಟಿಕ್ ಬಳಕೆ ಸಂಪೂರ್ಣ ನಿಷೇಧಿಸಲಾಗಿದೆ.
5. ಮಲ ಮತ್ತು ಮೂತ್ರ ವಿಸರ್ಜನೆಗೆ ಶೌಚಾಲಯಗಳನ್ನು ಬಳಸಬೇಕು.
6. ಪೊಲೀಸ್ ಹಾಗೂ ಅಧಿಕಾರಿಗಳ ಸೂಚನೆಗಳನ್ನು ಪಾಲಿಸಬೇಕು.
7. ಅರಣ್ಯ ಪ್ರದೇಶದಲ್ಲಿ ಬೆಂಕಿ ಹಚ್ಚಬಾರದು.
8. ಧೂಮಪಾನ ಹಾಗೂ ಮದ್ಯಪಾನ ನಿಷೇಧಿಸಲಾಗಿದೆ.
9. ಸರದಿ ಸಾಲಿನಲ್ಲಿ ನುಗ್ಗುವುದನ್ನು ತಪ್ಪಿಸಬೇಕು.
10. ಮಕ್ಕಳು ಹಾಗೂ ವೃದ್ಧರ ಬಗ್ಗೆ ವಿಶೇಷ ಕಾಳಜಿ ವಹಿಸಬೇಕು.
11. ಅಪರಿಚಿತ ವಸ್ತುಗಳ ಬಗ್ಗೆ ಪೊಲೀಸರಿಗೆ ಮಾಹಿತಿ ನೀಡಬೇಕು.
12. ನಿಗದಿತ ಪಾರ್ಕಿಂಗ್ ಸ್ಥಳದಲ್ಲೇ ವಾಹನ ನಿಲ್ಲಿಸಬೇಕು.
13. ಪವಿತ್ರ ಪಂಪಾ ನದಿಯಲ್ಲಿ ಬಟ್ಟೆಗಳನ್ನು ಎಸೆಯಬಾರದು.
14. ಭಕ್ತರು ತಮ್ಮ ಗುರುತಿನ ಚೀಟಿ ಜೊತೆಯಲ್ಲಿಟ್ಟುಕೊಳ್ಳಬೇಕು.
15. ಆಹಾರ ಪದಾರ್ಥಗಳನ್ನು ಅಧಿಕೃತ ಮಳಿಗೆಗಳಿಂದ ಖರೀದಿಸಬೇಕು.
